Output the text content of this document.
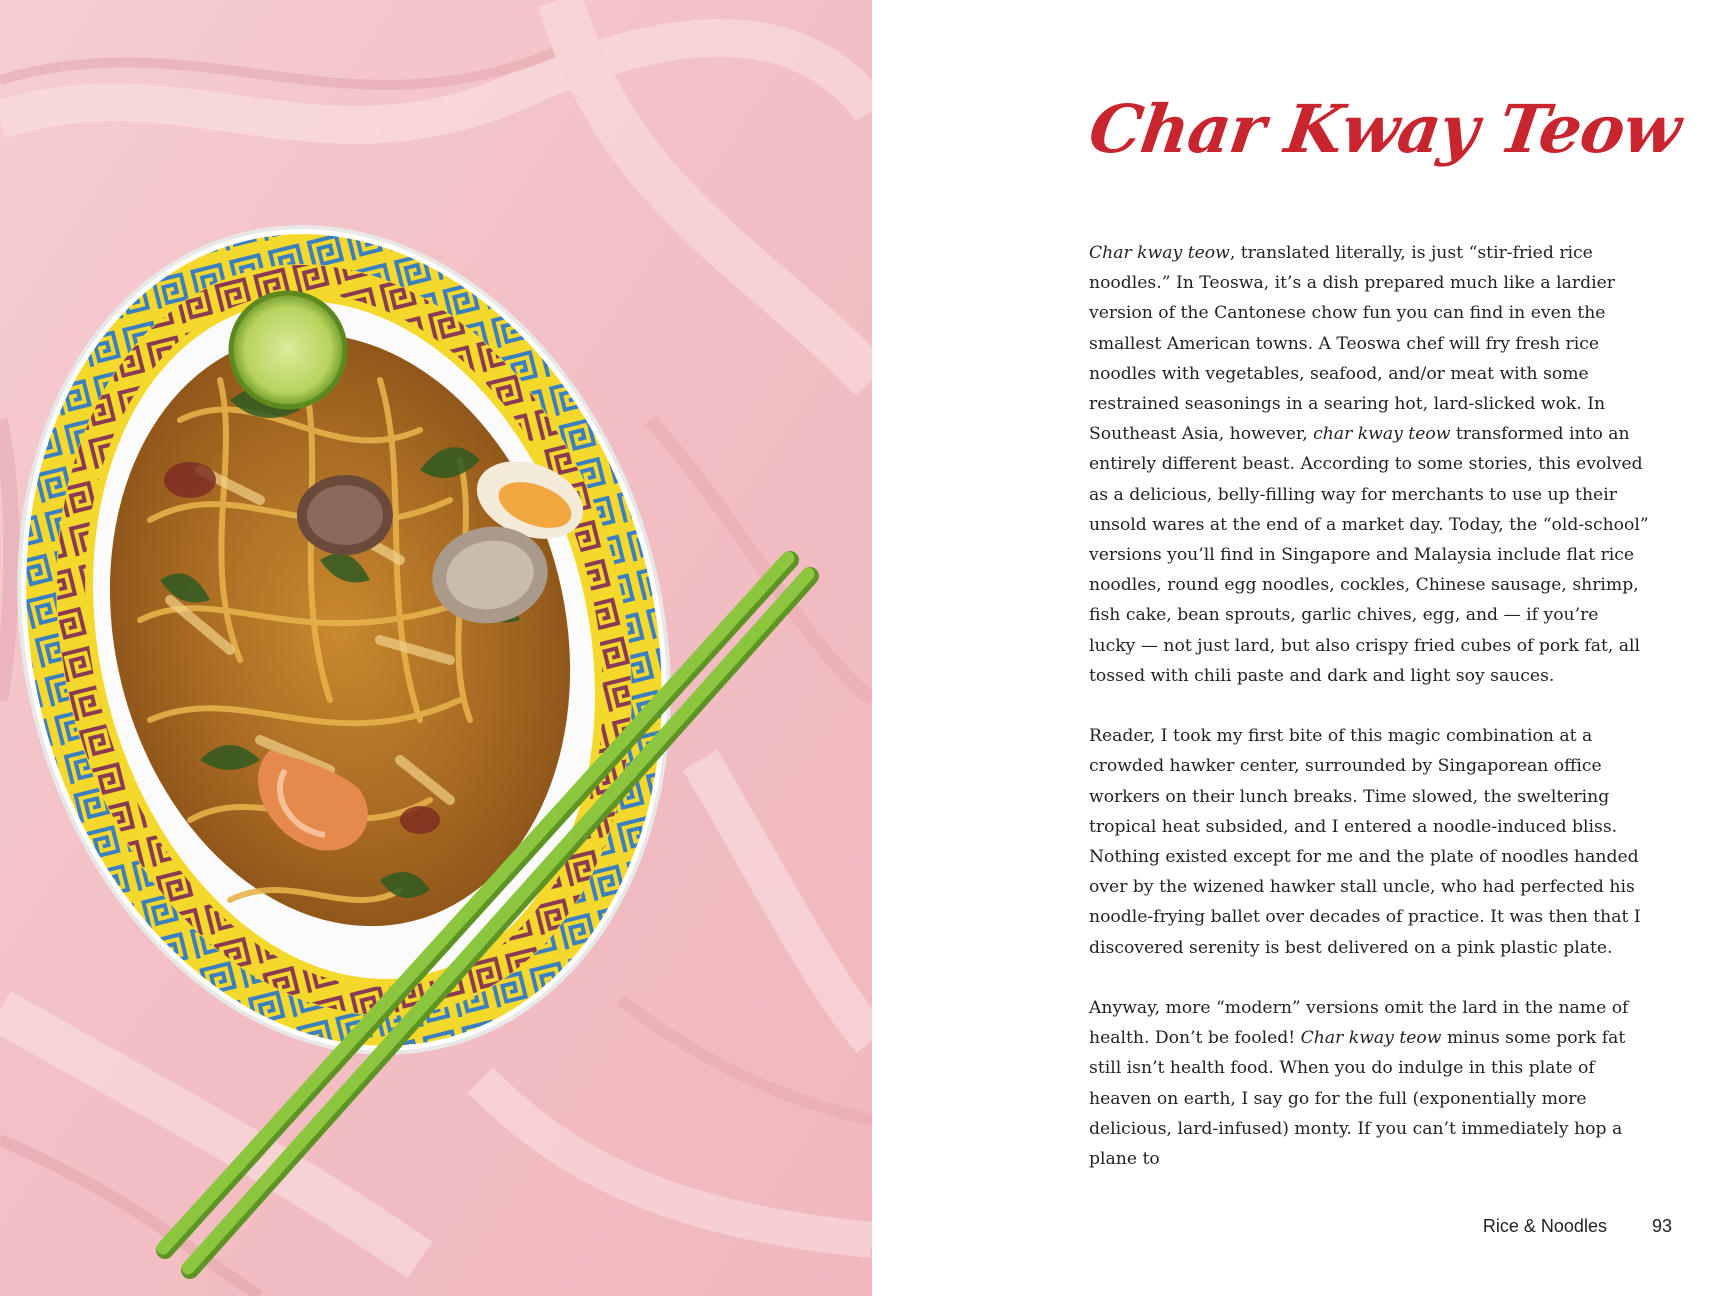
Char Kway Teow

Char kway teow, translated literally, is just “stir-fried rice noodles.” In Teoswa, it’s a dish prepared much like a lardier version of the Cantonese chow fun you can find in even the smallest American towns. A Teoswa chef will fry fresh rice noodles with vegetables, seafood, and/or meat with some restrained seasonings in a searing hot, lard-slicked wok. In Southeast Asia, however, char kway teow transformed into an entirely different beast. According to some stories, this evolved as a delicious, belly-filling way for merchants to use up their unsold wares at the end of a market day. Today, the “old-school” versions you’ll find in Singapore and Malaysia include flat rice noodles, round egg noodles, cockles, Chinese sausage, shrimp, fish cake, bean sprouts, garlic chives, egg, and — if you’re lucky — not just lard, but also crispy fried cubes of pork fat, all tossed with chili paste and dark and light soy sauces.

Reader, I took my first bite of this magic combination at a crowded hawker center, surrounded by Singaporean office workers on their lunch breaks. Time slowed, the sweltering tropical heat subsided, and I entered a noodle-induced bliss. Nothing existed except for me and the plate of noodles handed over by the wizened hawker stall uncle, who had perfected his noodle-frying ballet over decades of practice. It was then that I discovered serenity is best delivered on a pink plastic plate.

Anyway, more “modern” versions omit the lard in the name of health. Don’t be fooled! Char kway teow minus some pork fat still isn’t health food. When you do indulge in this plate of heaven on earth, I say go for the full (exponentially more delicious, lard-infused) monty. If you can’t immediately hop a plane to

Rice & Noodles	93
